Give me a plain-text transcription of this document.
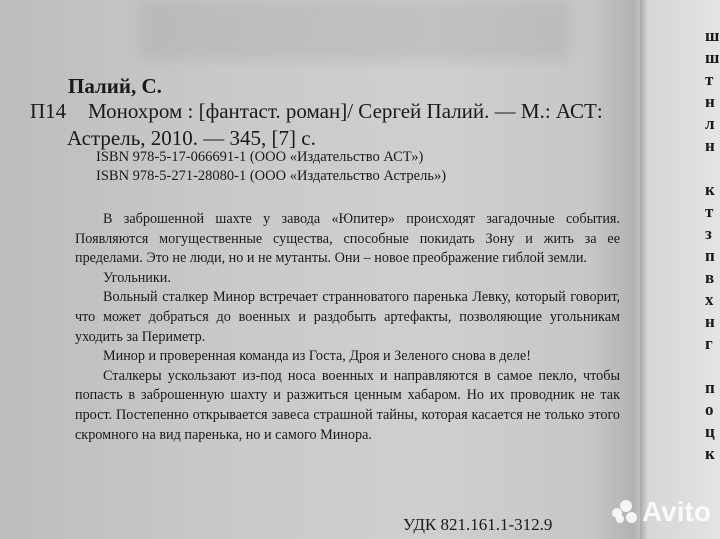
Палий, С.
П14 Монохром : [фантаст. роман]/ Сергей Палий. — М.: АСТ:
Астрель, 2010. — 345, [7] с.
ISBN 978-5-17-066691-1 (ООО «Издательство АСТ»)
ISBN 978-5-271-28080-1 (ООО «Издательство Астрель»)

В заброшенной шахте у завода «Юпитер» происходят загадочные события. Появляются могущественные существа, способные покидать Зону и жить за ее пределами. Это не люди, но и не мутанты. Они – новое преображение гиблой земли.

Угольники.

Вольный сталкер Минор встречает странноватого паренька Левку, который говорит, что может добраться до военных и раздобыть артефакты, позволяющие угольникам уходить за Периметр.

Минор и проверенная команда из Госта, Дроя и Зеленого снова в деле!

Сталкеры ускользают из-под носа военных и направляются в самое пекло, чтобы попасть в заброшенную шахту и разжиться ценным хабаром. Но их проводник не так прост. Постепенно открывается завеса страшной тайны, которая касается не только этого скромного на вид паренька, но и самого Минора.

УДК 821.161.1-312.9
ш
ш
т
н
л
н
к
т
з
п
в
х
н
г
п
о
ц
к
Avito
